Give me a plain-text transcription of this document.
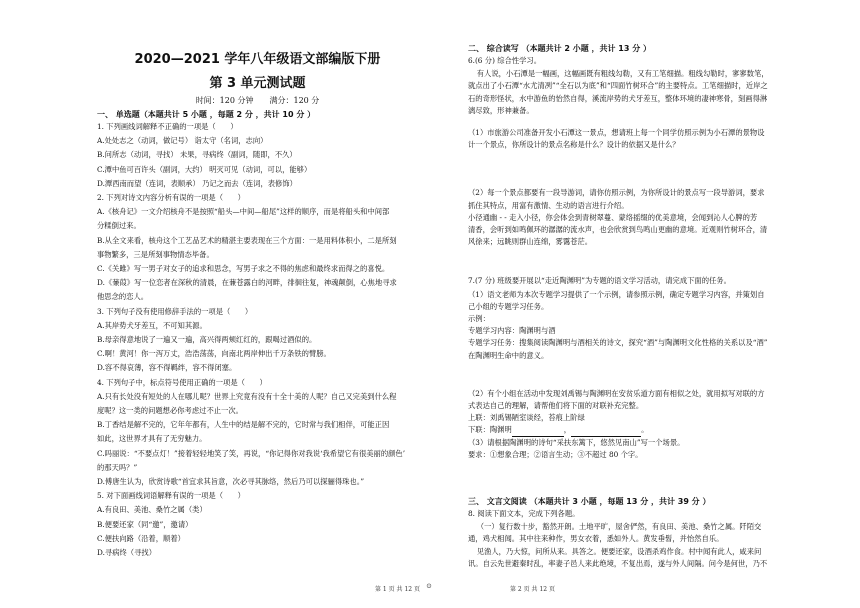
2020—2021 学年八年级语文部编版下册
第 3 单元测试题
时间：120 分钟　　满分：120 分
一、 单选题（本题共计 5 小题 ，每题 2 分 ，共计 10 分 ）
1. 下列画线词解释不正确的一项是（　　）
A.处处志之（动词，做记号） 诣太守（名词，志向）
B.问所志（动词，寻找） 未果，寻病终（副词，随即，不久）
C.潭中鱼可百许头（副词，大约） 明灭可见（动词，可以，能够）
D.潭西南而望（连词，表顺承） 乃记之而去（连词，表修饰）
2. 下列对诗文内容分析有误的一项是（　　）
A.《核舟记》一文介绍核舟不是按照“船头—中间—船尾”这样的顺序，而是将船头和中间部
分糅倒过来。
B.从全文来看，核舟这个工艺品艺术的精湛主要表现在三个方面：一是用料体积小，二是所刻
事物繁多，三是所刻事物情态毕备。
C.《关雎》写一男子对女子的追求和思念，写男子求之不得的焦虑和最终求而得之的喜悦。
D.《蒹葭》写一位恋者在深秋的清晨，在蒹苍露白的河畔，徘徊往复，神魂颠倒，心焦地寻求
他思念的恋人。
3. 下列句子没有使用修辞手法的一项是（　　）
A.其岸势犬牙差互，不可知其源。
B.母亲得意地说了一遍又一遍，高兴得两颊红红的，跟喝过酒似的。
C.啊！黄河！你一泻万丈，浩浩荡荡，向南北两岸伸出千万条铁的臂膀。
D.容不得哀薄，容不得羁绊，容不得闭塞。
4. 下列句子中，标点符号使用正确的一项是（　　）
A.只有长处没有短处的人在哪儿呢？世界上究竟有没有十全十美的人呢？自己又完美到什么程
度呢？这一类的问题想必你考虑过不止一次。
B.丁香结是解不完的，它年年都有，人生中的结是解不完的，它时常与我们相伴，可能正因
如此，这世界才具有了无穷魅力。
C.吗丽说：“不要点灯！”接着轻轻地笑了笑，再说，“你记得你对我说‘我希望它有很美丽的颜色’
的那天吗？”
D.傅唐生认为，欣赏诗歌“首宜求其旨意，次必寻其脉络，然后乃可以探骊得珠也。”
5. 对下面画线词语解释有误的一项是（　　）
A.有良田、美池、桑竹之属（类）
B.便要还家（同“邀”，邀请）
C.便扶向路（沿着，顺着）
D.寻病终（寻找）
第 1 页 共 12 页 ⊙
二、 综合读写 （本题共计 2 小题 ，共计 13 分 ）
6.(6 分) 综合性学习。

有人说，小石潭是一幅画，这幅画既有粗线勾勒，又有工笔细描。粗线勾勒时，寥寥数笔，

就点出了小石潭“水尤清冽”“全石以为底”和“四面竹树环合”的主要特点。工笔细描时，近岸之

石的奇形怪状，水中游鱼的怡然自得，溪流岸势的犬牙差互，整体环境的凄神寒骨，刻画得淋

漓尽致，形神兼备。

（1）市旅游公司准备开发小石潭这一景点，想请班上每一个同学仿照示例为小石潭的景物设

计一个景点，你所设计的景点名称是什么？设计的依据又是什么？

（2）每一个景点都要有一段导游词，请你仿照示例，为你所设计的景点写一段导游词，要求

抓住其特点，用富有激情、生动的语言进行介绍。

小径通幽 - - 走入小径，你会体会到青树翠蔓、蒙络摇缀的优美意境，会闻到沁人心脾的芳

清香，会听到如鸣佩环的潺潺的流水声，也会欣赏到鸟鸣山更幽的意境。近观则竹树环合，清

风徐来；远眺则群山连绵，雾霭苍茫。

7.(7 分) 班级要开展以“走近陶渊明”为专题的语文学习活动，请完成下面的任务。

（1）语文老师为本次专题学习提供了一个示例，请参照示例，确定专题学习内容，并策划自

己小组的专题学习任务。

示例：

专题学习内容：陶渊明与酒

专题学习任务：搜集阅读陶渊明与酒相关的诗文，探究“酒”与陶渊明文化性格的关系以及“酒”

在陶渊明生命中的意义。

（2）有个小组在活动中发现刘禹锡与陶渊明在安贫乐道方面有相似之处，就用拟写对联的方

式表达自己的理解，请帮他们将下面的对联补充完整。

上联：刘禹锡陋室谈经，苔痕上阶绿

下联：陶渊明	，	。

（3）请根据陶渊明的诗句“采扶东篱下，悠然见南山”写一个场景。

要求：①想象合理；②语言生动；③不超过 80 个字。

三、 文言文阅读 （本题共计 3 小题 ，每题 13 分 ，共计 39 分 ）
8. 阅读下面文本，完成下列各题。

（一）复行数十步，豁然开朗。土地平旷，屋舍俨然，有良田、美池、桑竹之属。阡陌交

通，鸡犬相闻。其中往来种作，男女衣着，悉如外人。黄发垂髫，并怡然自乐。

见渔人，乃大惊，问所从来。具答之。便要还家，设酒杀鸡作食。村中闻有此人，咸来问

讯。自云先世避秦时乱，率妻子邑人来此绝境，不复出焉，遂与外人间隔。问今是何世，乃不

第 2 页 共 12 页
